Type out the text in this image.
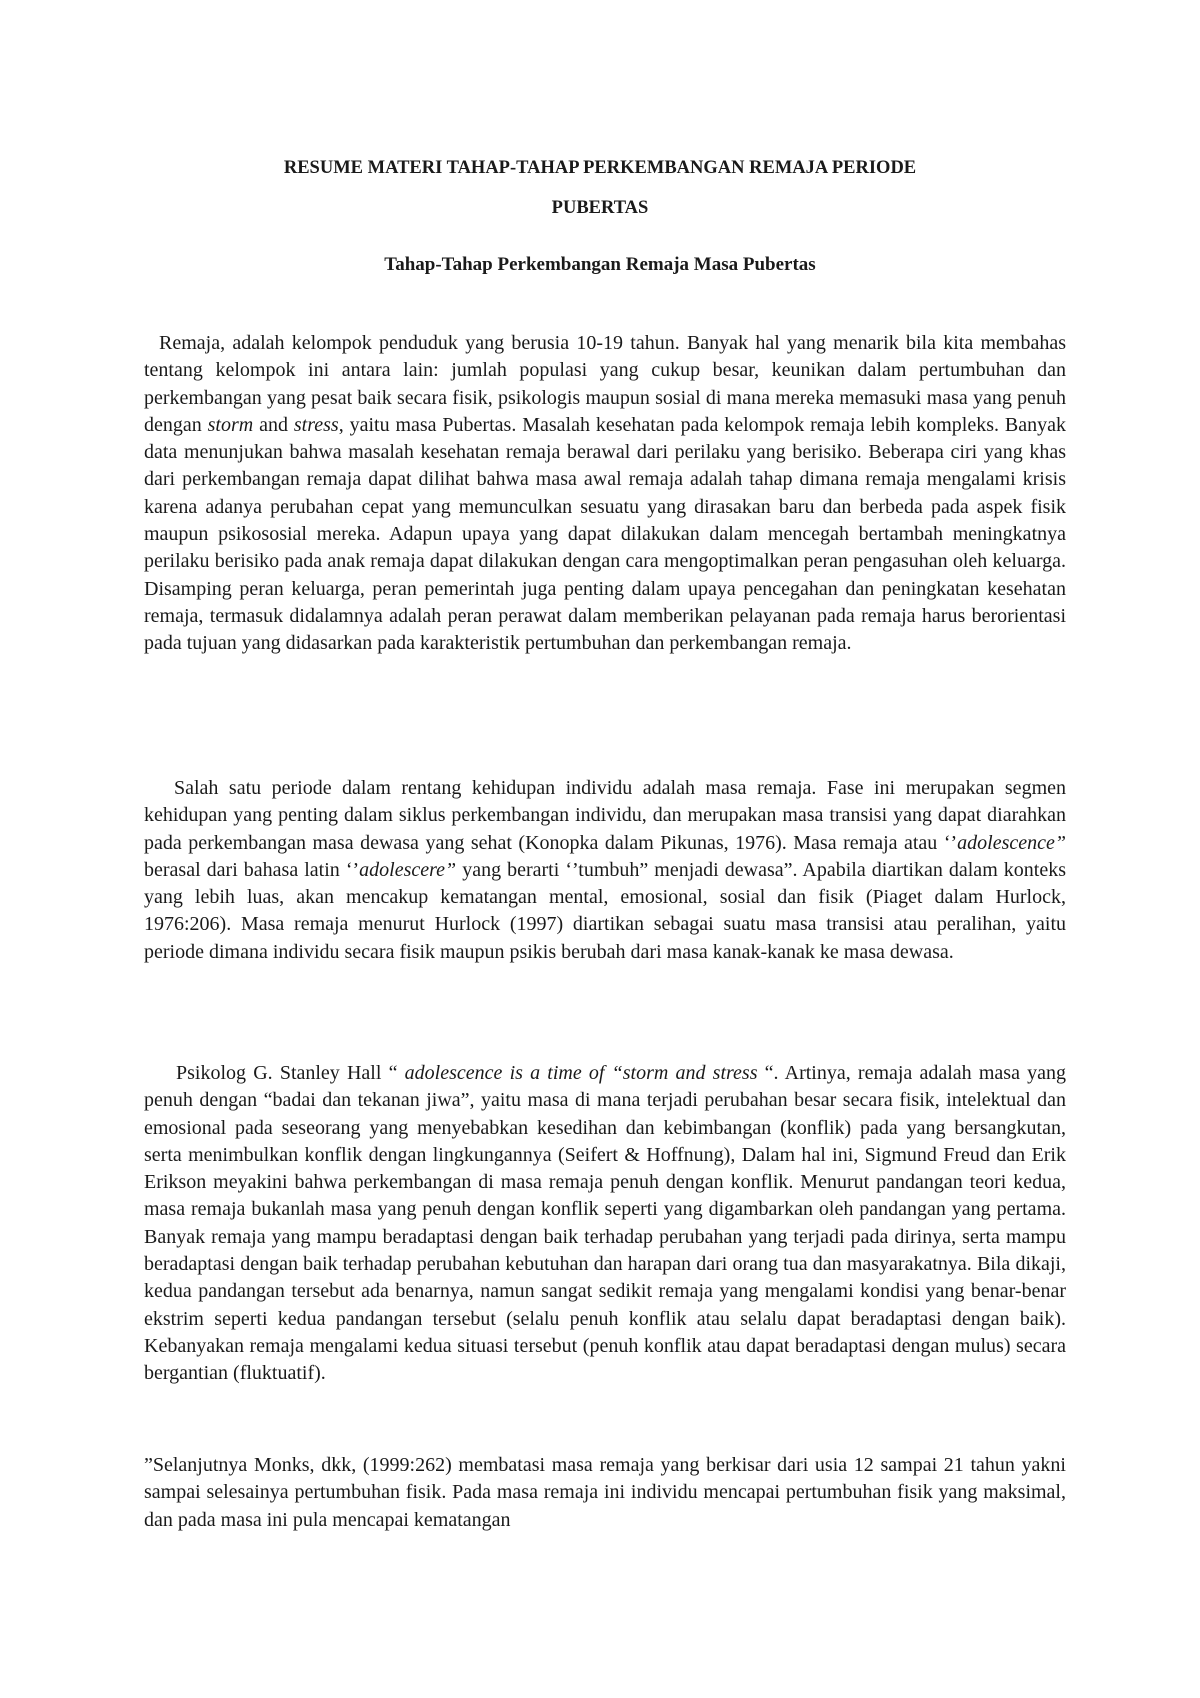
RESUME MATERI TAHAP-TAHAP PERKEMBANGAN REMAJA PERIODE
PUBERTAS
Tahap-Tahap Perkembangan Remaja Masa Pubertas

Remaja, adalah kelompok penduduk yang berusia 10-19 tahun. Banyak hal yang menarik bila kita membahas tentang kelompok ini antara lain: jumlah populasi yang cukup besar, keunikan dalam pertumbuhan dan perkembangan yang pesat baik secara fisik, psikologis maupun sosial di mana mereka memasuki masa yang penuh dengan storm and stress, yaitu masa Pubertas. Masalah kesehatan pada kelompok remaja lebih kompleks. Banyak data menunjukan bahwa masalah kesehatan remaja berawal dari perilaku yang berisiko. Beberapa ciri yang khas dari perkembangan remaja dapat dilihat bahwa masa awal remaja adalah tahap dimana remaja mengalami krisis karena adanya perubahan cepat yang memunculkan sesuatu yang dirasakan baru dan berbeda pada aspek fisik maupun psikososial mereka. Adapun upaya yang dapat dilakukan dalam mencegah bertambah meningkatnya perilaku berisiko pada anak remaja dapat dilakukan dengan cara mengoptimalkan peran pengasuhan oleh keluarga. Disamping peran keluarga, peran pemerintah juga penting dalam upaya pencegahan dan peningkatan kesehatan remaja, termasuk didalamnya adalah peran perawat dalam memberikan pelayanan pada remaja harus berorientasi pada tujuan yang didasarkan pada karakteristik pertumbuhan dan perkembangan remaja.

Salah satu periode dalam rentang kehidupan individu adalah masa remaja. Fase ini merupakan segmen kehidupan yang penting dalam siklus perkembangan individu, dan merupakan masa transisi yang dapat diarahkan pada perkembangan masa dewasa yang sehat (Konopka dalam Pikunas, 1976). Masa remaja atau ‘’adolescence” berasal dari bahasa latin ‘’adolescere” yang berarti ‘’tumbuh” menjadi dewasa”. Apabila diartikan dalam konteks yang lebih luas, akan mencakup kematangan mental, emosional, sosial dan fisik (Piaget dalam Hurlock, 1976:206). Masa remaja menurut Hurlock (1997) diartikan sebagai suatu masa transisi atau peralihan, yaitu periode dimana individu secara fisik maupun psikis berubah dari masa kanak-kanak ke masa dewasa.

Psikolog G. Stanley Hall “ adolescence is a time of “storm and stress “. Artinya, remaja adalah masa yang penuh dengan “badai dan tekanan jiwa”, yaitu masa di mana terjadi perubahan besar secara fisik, intelektual dan emosional pada seseorang yang menyebabkan kesedihan dan kebimbangan (konflik) pada yang bersangkutan, serta menimbulkan konflik dengan lingkungannya (Seifert & Hoffnung), Dalam hal ini, Sigmund Freud dan Erik Erikson meyakini bahwa perkembangan di masa remaja penuh dengan konflik. Menurut pandangan teori kedua, masa remaja bukanlah masa yang penuh dengan konflik seperti yang digambarkan oleh pandangan yang pertama. Banyak remaja yang mampu beradaptasi dengan baik terhadap perubahan yang terjadi pada dirinya, serta mampu beradaptasi dengan baik terhadap perubahan kebutuhan dan harapan dari orang tua dan masyarakatnya. Bila dikaji, kedua pandangan tersebut ada benarnya, namun sangat sedikit remaja yang mengalami kondisi yang benar-benar ekstrim seperti kedua pandangan tersebut (selalu penuh konflik atau selalu dapat beradaptasi dengan baik). Kebanyakan remaja mengalami kedua situasi tersebut (penuh konflik atau dapat beradaptasi dengan mulus) secara bergantian (fluktuatif).

”Selanjutnya Monks, dkk, (1999:262) membatasi masa remaja yang berkisar dari usia 12 sampai 21 tahun yakni sampai selesainya pertumbuhan fisik. Pada masa remaja ini individu mencapai pertumbuhan fisik yang maksimal, dan pada masa ini pula mencapai kematangan
